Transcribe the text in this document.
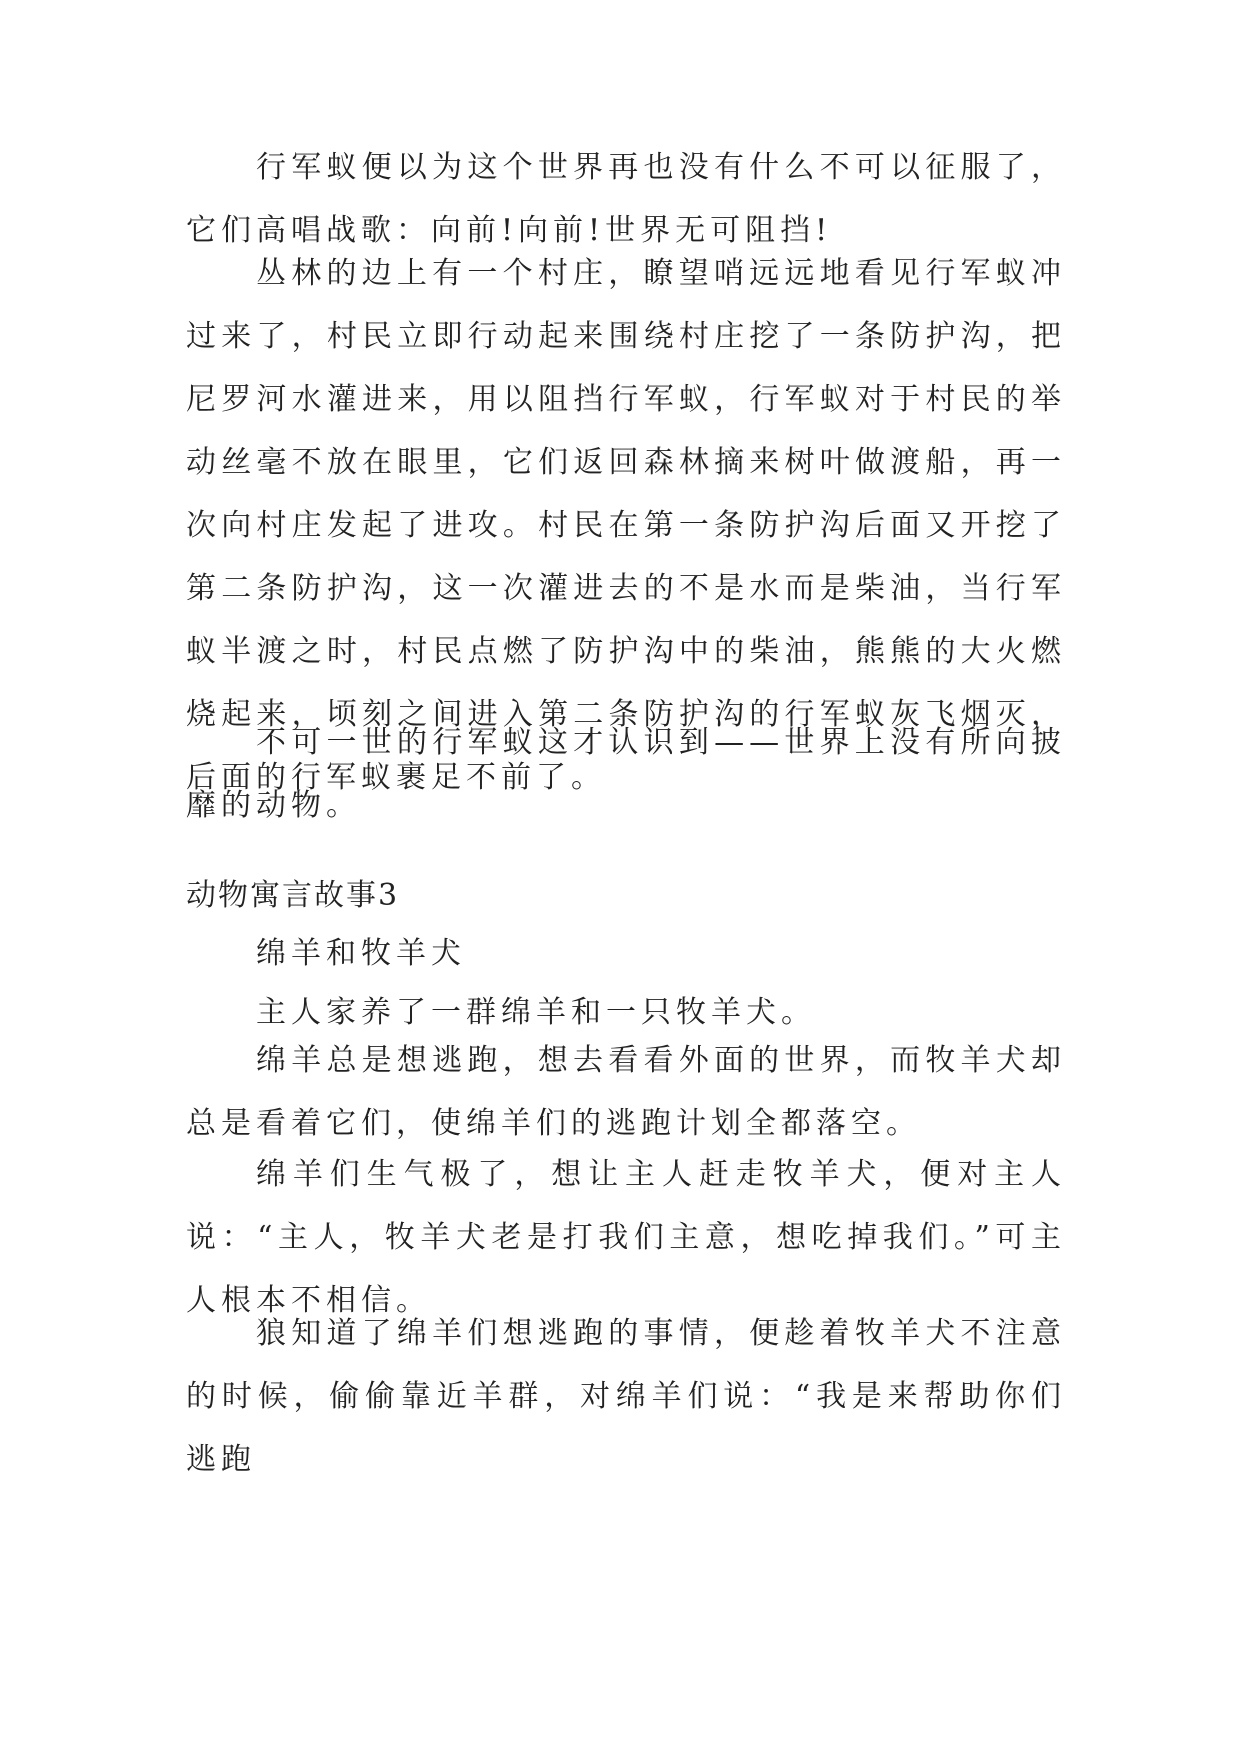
行军蚁便以为这个世界再也没有什么不可以征服了，它们高唱战歌：向前!向前!世界无可阻挡!

丛林的边上有一个村庄，瞭望哨远远地看见行军蚁冲过来了，村民立即行动起来围绕村庄挖了一条防护沟，把尼罗河水灌进来，用以阻挡行军蚁，行军蚁对于村民的举动丝毫不放在眼里，它们返回森林摘来树叶做渡船，再一次向村庄发起了进攻。村民在第一条防护沟后面又开挖了第二条防护沟，这一次灌进去的不是水而是柴油，当行军蚁半渡之时，村民点燃了防护沟中的柴油，熊熊的大火燃烧起来，顷刻之间进入第二条防护沟的行军蚁灰飞烟灭，后面的行军蚁裹足不前了。

不可一世的行军蚁这才认识到——世界上没有所向披靡的动物。

动物寓言故事3
绵羊和牧羊犬

主人家养了一群绵羊和一只牧羊犬。

绵羊总是想逃跑，想去看看外面的世界，而牧羊犬却总是看着它们，使绵羊们的逃跑计划全都落空。

绵羊们生气极了，想让主人赶走牧羊犬，便对主人说：“主人，牧羊犬老是打我们主意，想吃掉我们。”可主人根本不相信。

狼知道了绵羊们想逃跑的事情，便趁着牧羊犬不注意的时候，偷偷靠近羊群，对绵羊们说：“我是来帮助你们逃跑
